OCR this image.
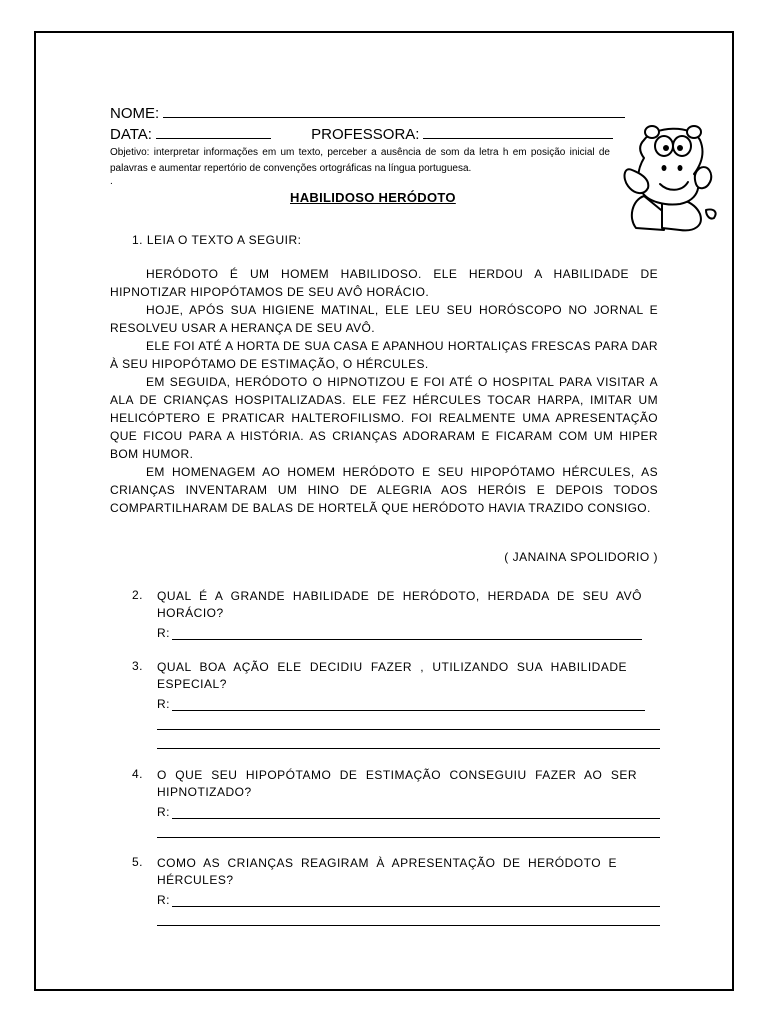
NOME:
DATA:	PROFESSORA:
Objetivo: interpretar informações em um texto, perceber a ausência de som da letra h em posição inicial de palavras e aumentar repertório de convenções ortográficas na língua portuguesa.
.
HABILIDOSO HERÓDOTO
1. LEIA O TEXTO A SEGUIR:

HERÓDOTO É UM HOMEM HABILIDOSO. ELE HERDOU A HABILIDADE DE HIPNOTIZAR HIPOPÓTAMOS DE SEU AVÔ HORÁCIO.

HOJE, APÓS SUA HIGIENE MATINAL, ELE LEU SEU HORÓSCOPO NO JORNAL E RESOLVEU USAR A HERANÇA DE SEU AVÔ.

ELE FOI ATÉ A HORTA DE SUA CASA E APANHOU HORTALIÇAS FRESCAS PARA DAR À SEU HIPOPÓTAMO DE ESTIMAÇÃO, O HÉRCULES.

EM SEGUIDA, HERÓDOTO O HIPNOTIZOU E FOI ATÉ O HOSPITAL PARA VISITAR A ALA DE CRIANÇAS HOSPITALIZADAS. ELE FEZ HÉRCULES TOCAR HARPA, IMITAR UM HELICÓPTERO E PRATICAR HALTEROFILISMO. FOI REALMENTE UMA APRESENTAÇÃO QUE FICOU PARA A HISTÓRIA. AS CRIANÇAS ADORARAM E FICARAM COM UM HIPER BOM HUMOR.

EM HOMENAGEM AO HOMEM HERÓDOTO E SEU HIPOPÓTAMO HÉRCULES, AS CRIANÇAS INVENTARAM UM HINO DE ALEGRIA AOS HERÓIS E DEPOIS TODOS COMPARTILHARAM DE BALAS DE HORTELÃ QUE HERÓDOTO HAVIA TRAZIDO CONSIGO.

( JANAINA SPOLIDORIO )
2. QUAL É A GRANDE HABILIDADE DE HERÓDOTO, HERDADA DE SEU AVÔ HORÁCIO?
R:
3. QUAL BOA AÇÃO ELE DECIDIU FAZER , UTILIZANDO SUA HABILIDADE ESPECIAL?
R:
4. O QUE SEU HIPOPÓTAMO DE ESTIMAÇÃO CONSEGUIU FAZER AO SER HIPNOTIZADO?
R:
5. COMO AS CRIANÇAS REAGIRAM À APRESENTAÇÃO DE HERÓDOTO E HÉRCULES?
R:
